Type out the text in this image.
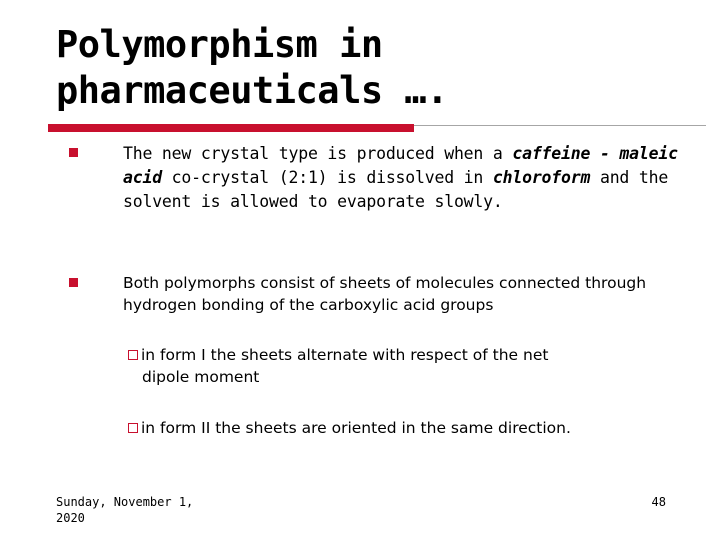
Polymorphism in
pharmaceuticals ….

The new crystal type is produced when a caffeine - maleic acid co-crystal (2:1) is dissolved in chloroform and the solvent is allowed to evaporate slowly.

Both polymorphs consist of sheets of molecules connected through hydrogen bonding of the carboxylic acid groups

in form I the sheets alternate with respect of the net
dipole moment
in form II the sheets are oriented in the same direction.
Sunday, November 1,
2020
48
